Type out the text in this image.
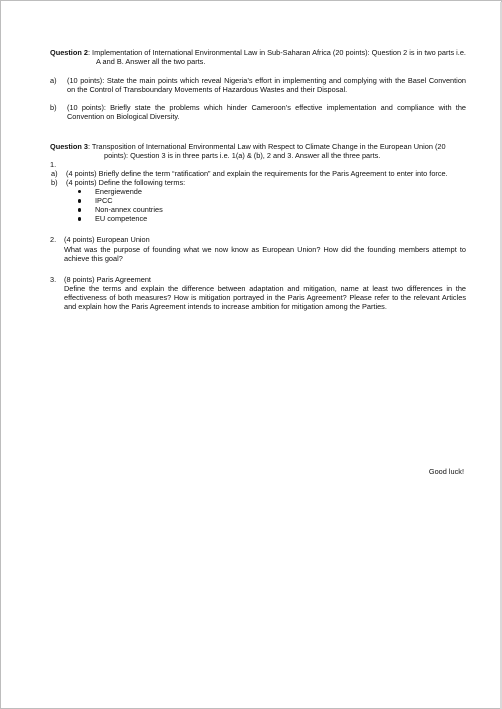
Question 2: Implementation of International Environmental Law in Sub-Saharan Africa (20 points): Question 2 is in two parts i.e. A and B. Answer all the two parts.

a) (10 points): State the main points which reveal Nigeria’s effort in implementing and complying with the Basel Convention on the Control of Transboundary Movements of Hazardous Wastes and their Disposal.
b) (10 points): Briefly state the problems which hinder Cameroon’s effective implementation and compliance with the Convention on Biological Diversity.

Question 3: Transposition of International Environmental Law with Respect to Climate Change in the European Union (20 points): Question 3 is in three parts i.e. 1(a) & (b), 2 and 3. Answer all the three parts.

1.
a) (4 points) Briefly define the term “ratification” and explain the requirements for the Paris Agreement to enter into force.
b) (4 points) Define the following terms:
Energiewende
IPCC
Non-annex countries
EU competence
2. (4 points) European Union
What was the purpose of founding what we now know as European Union? How did the founding members attempt to achieve this goal?
3. (8 points) Paris Agreement
Define the terms and explain the difference between adaptation and mitigation, name at least two differences in the effectiveness of both measures? How is mitigation portrayed in the Paris Agreement? Please refer to the relevant Articles and explain how the Paris Agreement intends to increase ambition for mitigation among the Parties.
Good luck!
